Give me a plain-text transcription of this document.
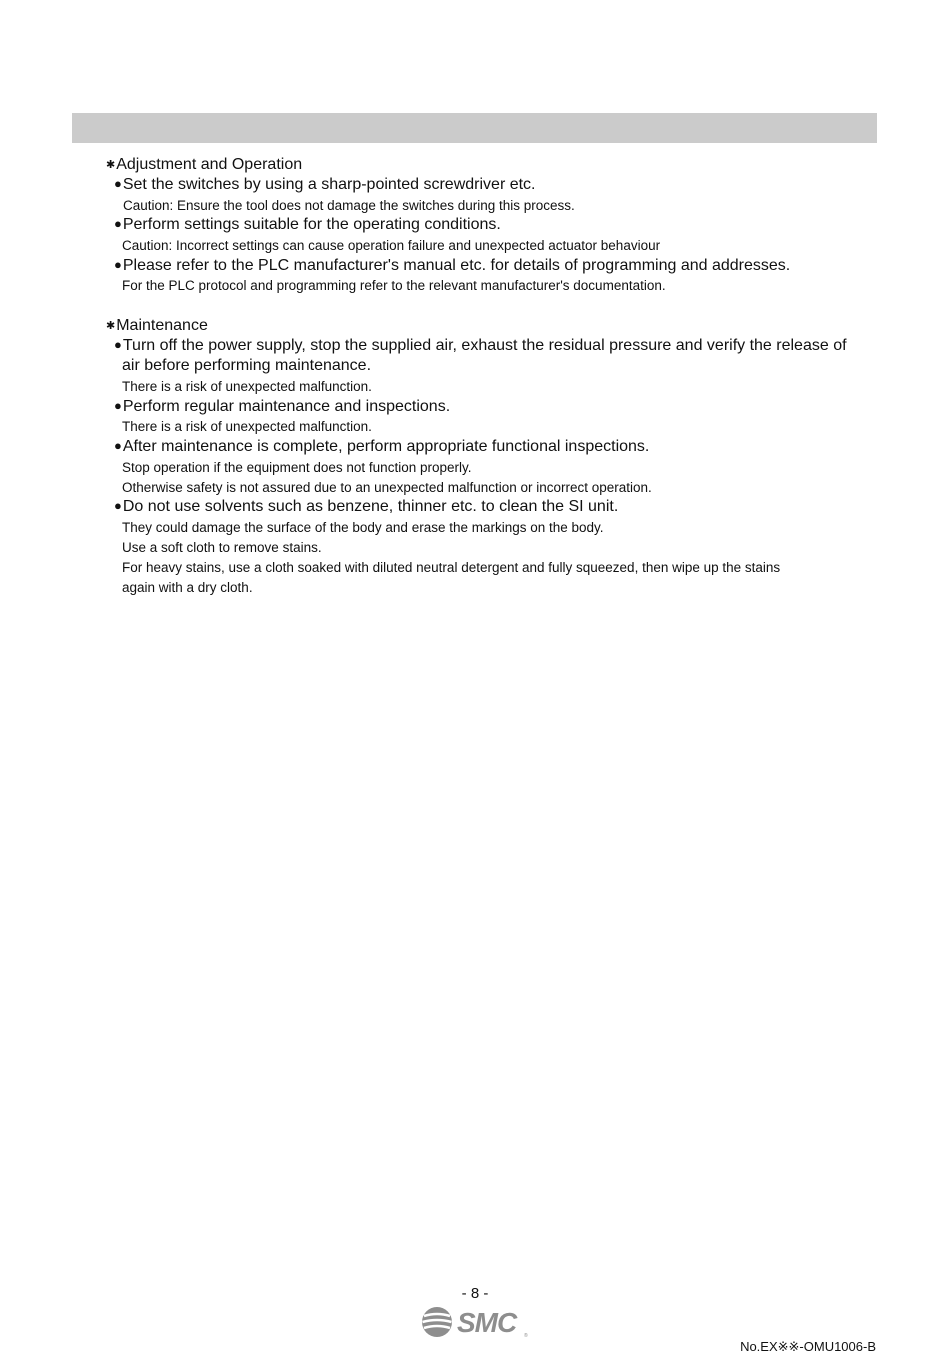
✱Adjustment and Operation
●Set the switches by using a sharp-pointed screwdriver etc.
Caution: Ensure the tool does not damage the switches during this process.
●Perform settings suitable for the operating conditions.
Caution: Incorrect settings can cause operation failure and unexpected actuator behaviour
●Please refer to the PLC manufacturer's manual etc. for details of programming and addresses.
For the PLC protocol and programming refer to the relevant manufacturer's documentation.
✱Maintenance
●Turn off the power supply, stop the supplied air, exhaust the residual pressure and verify the release of
air before performing maintenance.
There is a risk of unexpected malfunction.
●Perform regular maintenance and inspections.
There is a risk of unexpected malfunction.
●After maintenance is complete, perform appropriate functional inspections.
Stop operation if the equipment does not function properly.
Otherwise safety is not assured due to an unexpected malfunction or incorrect operation.
●Do not use solvents such as benzene, thinner etc. to clean the SI unit.
They could damage the surface of the body and erase the markings on the body.
Use a soft cloth to remove stains.
For heavy stains, use a cloth soaked with diluted neutral detergent and fully squeezed, then wipe up the stains
again with a dry cloth.
- 8 -
SMC	®
No.EX※※-OMU1006-B
